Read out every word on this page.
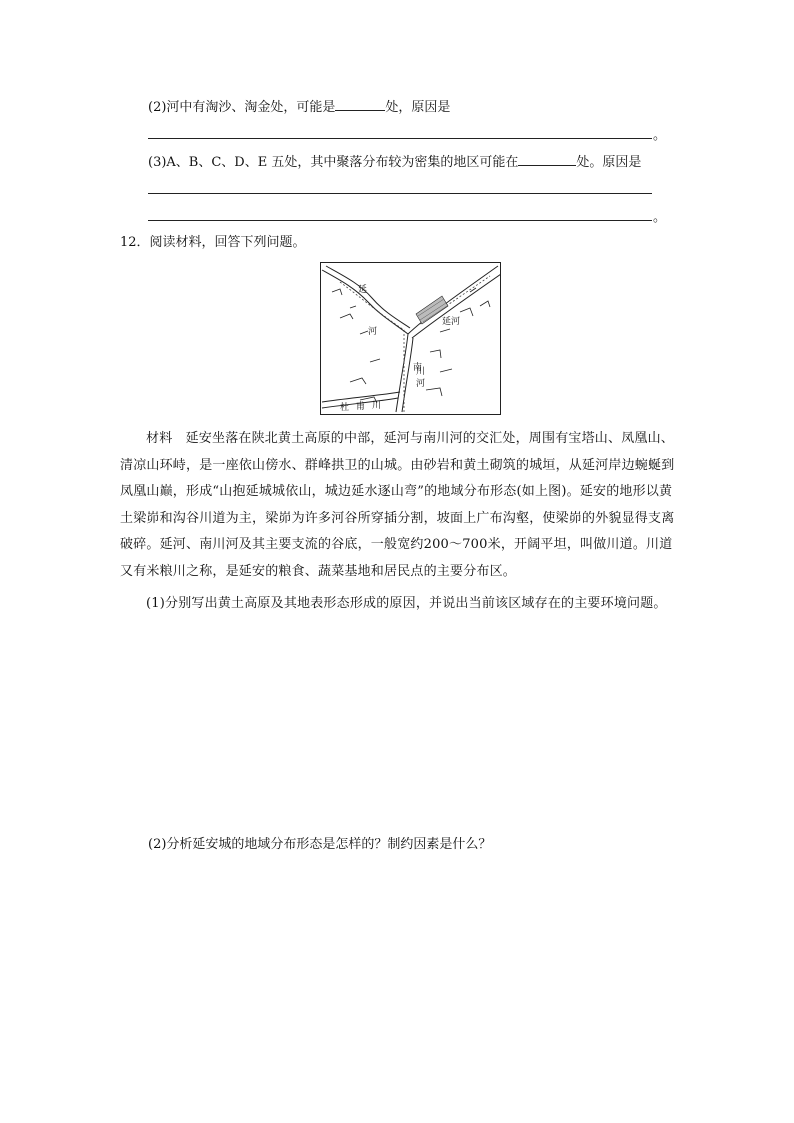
(2)河中有淘沙、淘金处，可能是	处，原因是
。
(3)A、B、C、D、E 五处，其中聚落分布较为密集的地区可能在	处。原因是
。
12．阅读材料，回答下列问题。
延
河
延河
南
川
河
杜 甫 川

材料　延安坐落在陕北黄土高原的中部，延河与南川河的交汇处，周围有宝塔山、凤凰山、清凉山环峙，是一座依山傍水、群峰拱卫的山城。由砂岩和黄土砌筑的城垣，从延河岸边蜿蜒到凤凰山巅，形成“山抱延城城依山，城边延水逐山弯”的地域分布形态(如上图)。延安的地形以黄土梁峁和沟谷川道为主，梁峁为许多河谷所穿插分割，坡面上广布沟壑，使梁峁的外貌显得支离破碎。延河、南川河及其主要支流的谷底，一般宽约200～700米，开阔平坦，叫做川道。川道又有米粮川之称，是延安的粮食、蔬菜基地和居民点的主要分布区。

(1)分别写出黄土高原及其地表形态形成的原因，并说出当前该区域存在的主要环境问题。

(2)分析延安城的地域分布形态是怎样的？制约因素是什么？
